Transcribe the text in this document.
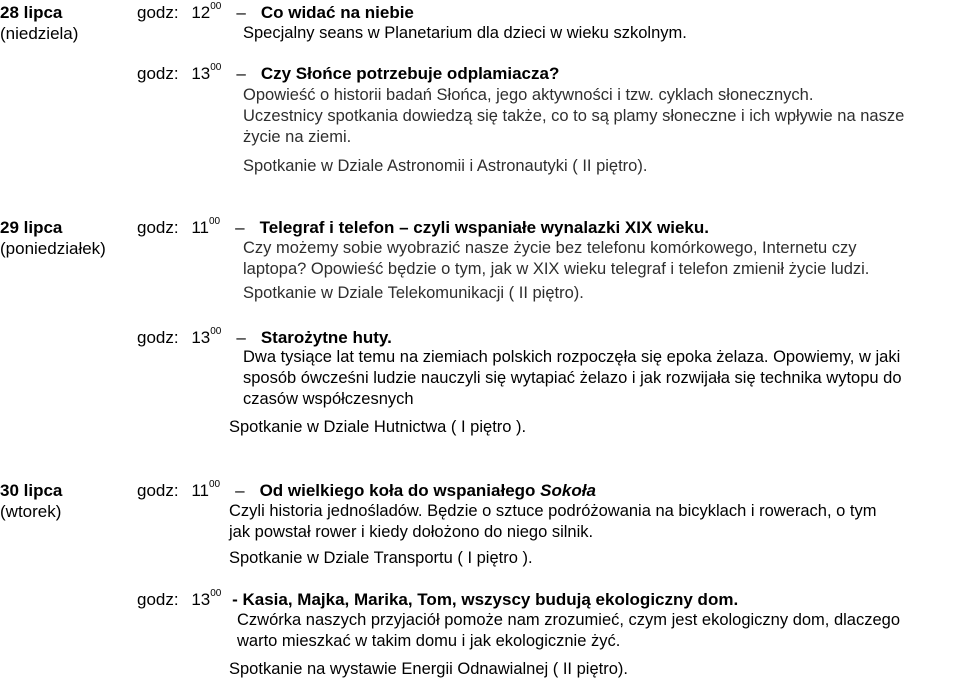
28 lipca
(niedziela)
godz: $12^{00}$ – Co widać na niebie
Specjalny seans w Planetarium dla dzieci w wieku szkolnym.
godz: $13^{00}$ – Czy Słońce potrzebuje odplamiacza?
Opowieść o historii badań Słońca, jego aktywności i tzw. cyklach słonecznych.
Uczestnicy spotkania dowiedzą się także, co to są plamy słoneczne i ich wpływie na nasze
życie na ziemi.
Spotkanie w Dziale Astronomii i Astronautyki ( II piętro).
29 lipca
(poniedziałek)
godz: $11^{00}$ – Telegraf i telefon – czyli wspaniałe wynalazki XIX wieku.
Czy możemy sobie wyobrazić nasze życie bez telefonu komórkowego, Internetu czy
laptopa? Opowieść będzie o tym, jak w XIX wieku telegraf i telefon zmienił życie ludzi.
Spotkanie w Dziale Telekomunikacji ( II piętro).
godz: $13^{00}$ – Starożytne huty.
Dwa tysiące lat temu na ziemiach polskich rozpoczęła się epoka żelaza. Opowiemy, w jaki
sposób ówcześni ludzie nauczyli się wytapiać żelazo i jak rozwijała się technika wytopu do
czasów współczesnych
Spotkanie w Dziale Hutnictwa ( I piętro ).
30 lipca
(wtorek)
godz: $11^{00}$ – Od wielkiego koła do wspaniałego Sokoła
Czyli historia jednośladów. Będzie o sztuce podróżowania na bicyklach i rowerach, o tym
jak powstał rower i kiedy dołożono do niego silnik.
Spotkanie w Dziale Transportu ( I piętro ).
godz: $13^{00}$ - Kasia, Majka, Marika, Tom, wszyscy budują ekologiczny dom.
Czwórka naszych przyjaciół pomoże nam zrozumieć, czym jest ekologiczny dom, dlaczego
warto mieszkać w takim domu i jak ekologicznie żyć.
Spotkanie na wystawie Energii Odnawialnej ( II piętro).
